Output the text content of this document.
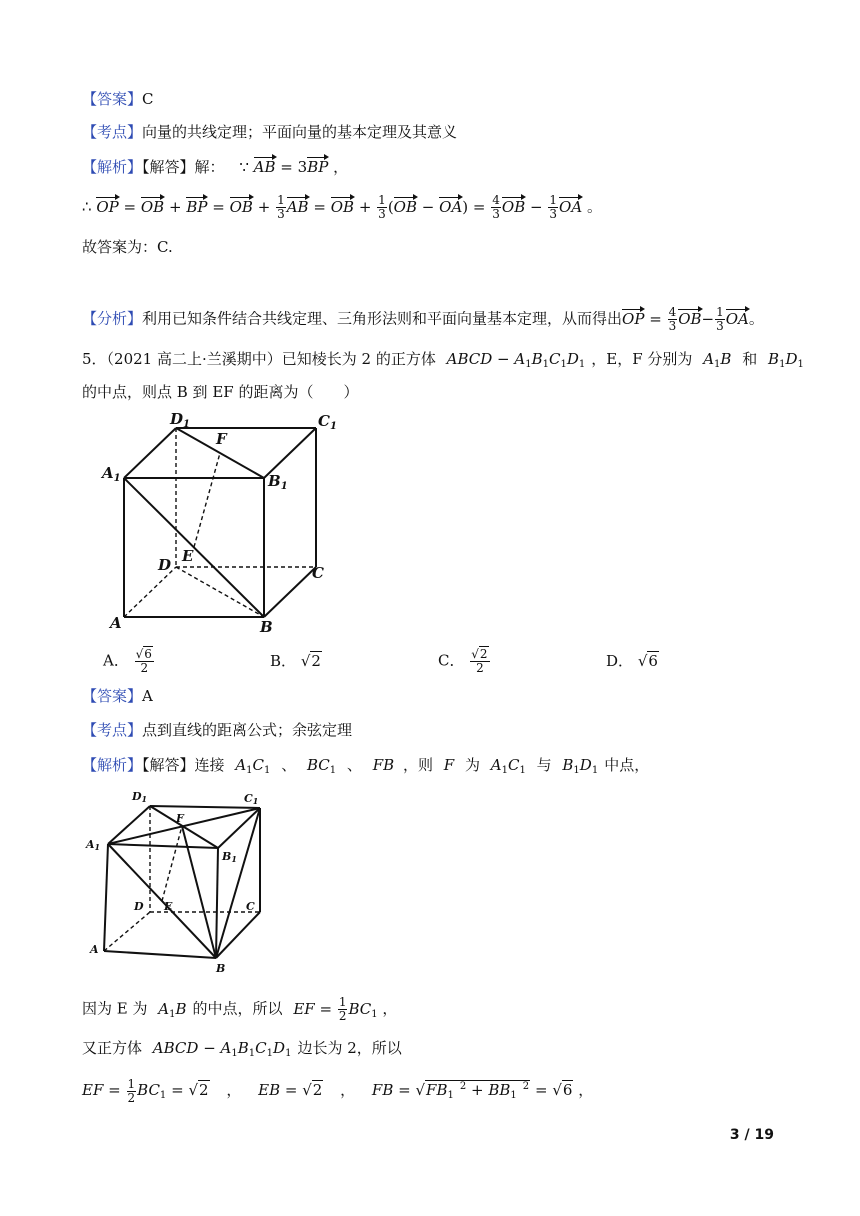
【答案】C
【考点】向量的共线定理；平面向量的基本定理及其意义
【解析】【解答】解： ∵ AB = 3BP ，
∴ OP = OB + BP = OB + $\frac{1}{3}$ AB = OB + $\frac{1}{3} (OB - OA) = \frac{4}{3}$ OB − $\frac{1}{3}$ OA 。
故答案为：C.
【分析】利用已知条件结合共线定理、三角形法则和平面向量基本定理，从而得出OP = $\frac{4}{3} OB- \frac{1}{3}$ OA。
5．（2021 高二上·兰溪期中）已知棱长为 2 的正方体 ABCD − $A_1B_1C_1D_1$ ，E，F 分别为 $A_1B$ 和 $B_1D_1$
的中点，则点 B 到 EF 的距离为（　　）
$D_1$
F
$C_1$
$A_1$	$B_1$
D E
C
A	B
A． $\frac{√6}{2}$	B． √2	C． $\frac{√2}{2}$	D． √6
【答案】A
【考点】点到直线的距离公式；余弦定理
【解析】【解答】连接 $A_1C_1$ 、 $BC_1$ 、 FB ，则 F 为 $A_1C_1$ 与 $B_1D_1$ 中点，
D1	C1
F
A1
B1
D E	C
A
B
因为 E 为 $A_1B$ 的中点，所以 EF = $\frac{1}{2} BC_1$ ，
又正方体 ABCD − $A_1B_1C_1D_1$ 边长为 2，所以
EF = $\frac{1}{2} BC_1 = √2$ ， EB = √2 ， FB = $√FB_1^2 + BB_1^2 = √6$ ，
3 / 19
